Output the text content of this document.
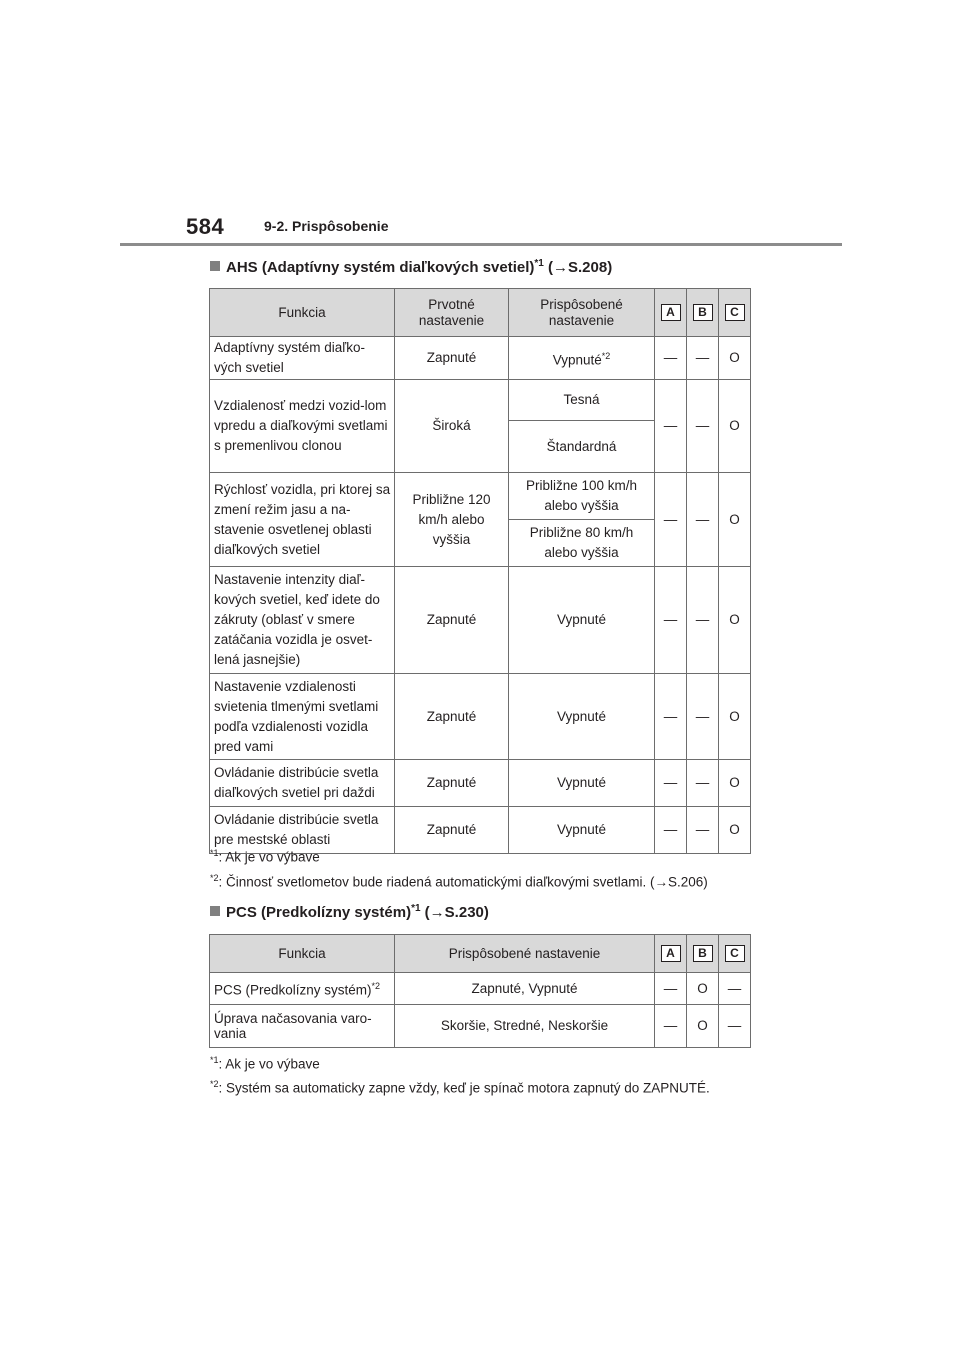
584	9-2. Prispôsobenie
AHS (Adaptívny systém diaľkových svetiel)$^{*1}$ (→S.208)
Funkcia	Prvotné nastavenie	Prispôsobené nastavenie	A	B	C
Adaptívny systém diaľko-vých svetiel	Zapnuté	Vypnuté$^{*2}$	—	—	O
Vzdialenosť medzi vozid-lom vpredu a diaľkovými svetlami s premenlivou clonou	Široká	Tesná	—	—	O
		Štandardná			
Rýchlosť vozidla, pri ktorej sa zmení režim jasu a na-stavenie osvetlenej oblasti diaľkových svetiel	Približne 120 km/h alebo vyššia	Približne 100 km/h alebo vyššia	—	—	O
		Približne 80 km/h alebo vyššia			
Nastavenie intenzity diaľ-kových svetiel, keď idete do zákruty (oblasť v smere zatáčania vozidla je osvet-lená jasnejšie)	Zapnuté	Vypnuté	—	—	O
Nastavenie vzdialenosti svietenia tlmenými svetlami podľa vzdialenosti vozidla pred vami	Zapnuté	Vypnuté	—	—	O
Ovládanie distribúcie svetla diaľkových svetiel pri daždi	Zapnuté	Vypnuté	—	—	O
Ovládanie distribúcie svetla pre mestské oblasti	Zapnuté	Vypnuté	—	—	O
$^{*1}$: Ak je vo výbave
$^{*2}$: Činnosť svetlometov bude riadená automatickými diaľkovými svetlami. (→S.206)
PCS (Predkolízny systém)$^{*1}$ (→S.230)
Funkcia	Prispôsobené nastavenie	A	B	C
PCS (Predkolízny systém)$^{*2}$	Zapnuté, Vypnuté	—	O	—
Úprava načasovania varo-vania	Skoršie, Stredné, Neskoršie	—	O	—
$^{*1}$: Ak je vo výbave
$^{*2}$: Systém sa automaticky zapne vždy, keď je spínač motora zapnutý do ZAPNUTÉ.
